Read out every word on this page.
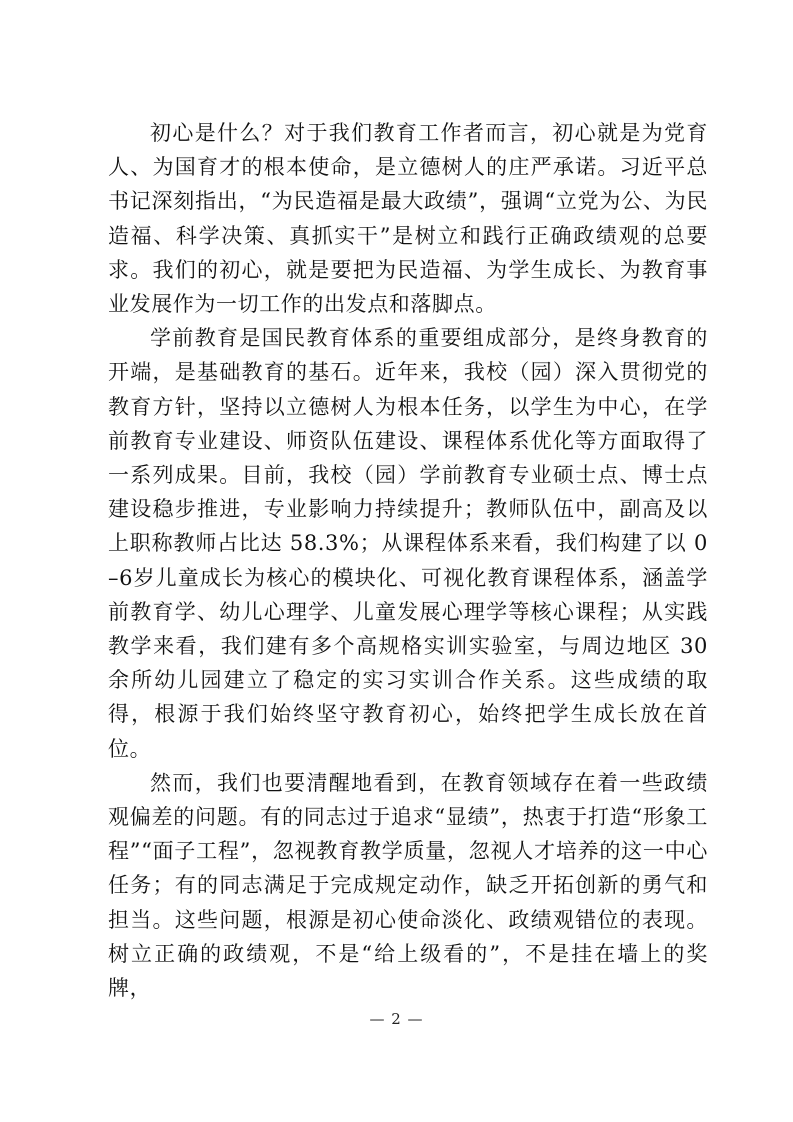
初心是什么？对于我们教育工作者而言，初心就是为党育人、为国育才的根本使命，是立德树人的庄严承诺。习近平总书记深刻指出，“为民造福是最大政绩”，强调“立党为公、为民造福、科学决策、真抓实干”是树立和践行正确政绩观的总要求。我们的初心，就是要把为民造福、为学生成长、为教育事业发展作为一切工作的出发点和落脚点。

学前教育是国民教育体系的重要组成部分，是终身教育的开端，是基础教育的基石。近年来，我校（园）深入贯彻党的教育方针，坚持以立德树人为根本任务，以学生为中心，在学前教育专业建设、师资队伍建设、课程体系优化等方面取得了一系列成果。目前，我校（园）学前教育专业硕士点、博士点建设稳步推进，专业影响力持续提升；教师队伍中，副高及以上职称教师占比达 58.3%；从课程体系来看，我们构建了以 0–6岁儿童成长为核心的模块化、可视化教育课程体系，涵盖学前教育学、幼儿心理学、儿童发展心理学等核心课程；从实践教学来看，我们建有多个高规格实训实验室，与周边地区 30 余所幼儿园建立了稳定的实习实训合作关系。这些成绩的取得，根源于我们始终坚守教育初心，始终把学生成长放在首位。

然而，我们也要清醒地看到，在教育领域存在着一些政绩观偏差的问题。有的同志过于追求“显绩”，热衷于打造“形象工程”“面子工程”，忽视教育教学质量，忽视人才培养的这一中心任务；有的同志满足于完成规定动作，缺乏开拓创新的勇气和担当。这些问题，根源是初心使命淡化、政绩观错位的表现。树立正确的政绩观，不是“给上级看的”，不是挂在墙上的奖牌，

— 2 —
